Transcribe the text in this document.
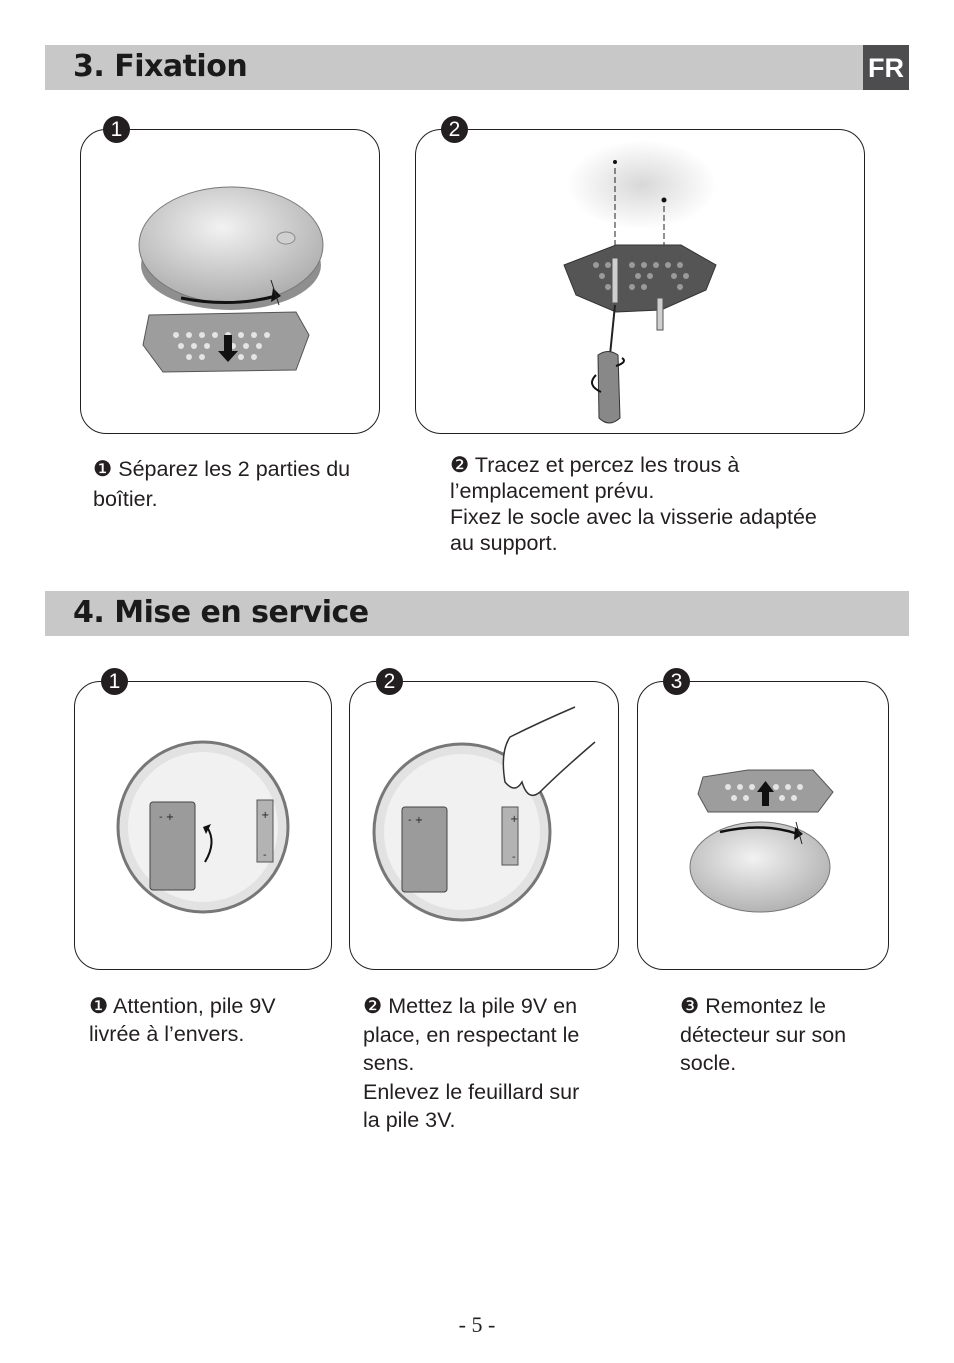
3. Fixation	FR
1	2

❶ Séparez les 2 parties du

boîtier.

❷ Tracez et percez les trous à

l’emplacement prévu.

Fixez le socle avec la visserie adaptée

au support.

4. Mise en service
- +	+
-
1
- +	+
-
2	3

❶ Attention, pile 9V

livrée à l’envers.

❷ Mettez la pile 9V en

place, en respectant le

sens.

Enlevez le feuillard sur

la pile 3V.

❸ Remontez le

détecteur sur son

socle.

- 5 -
